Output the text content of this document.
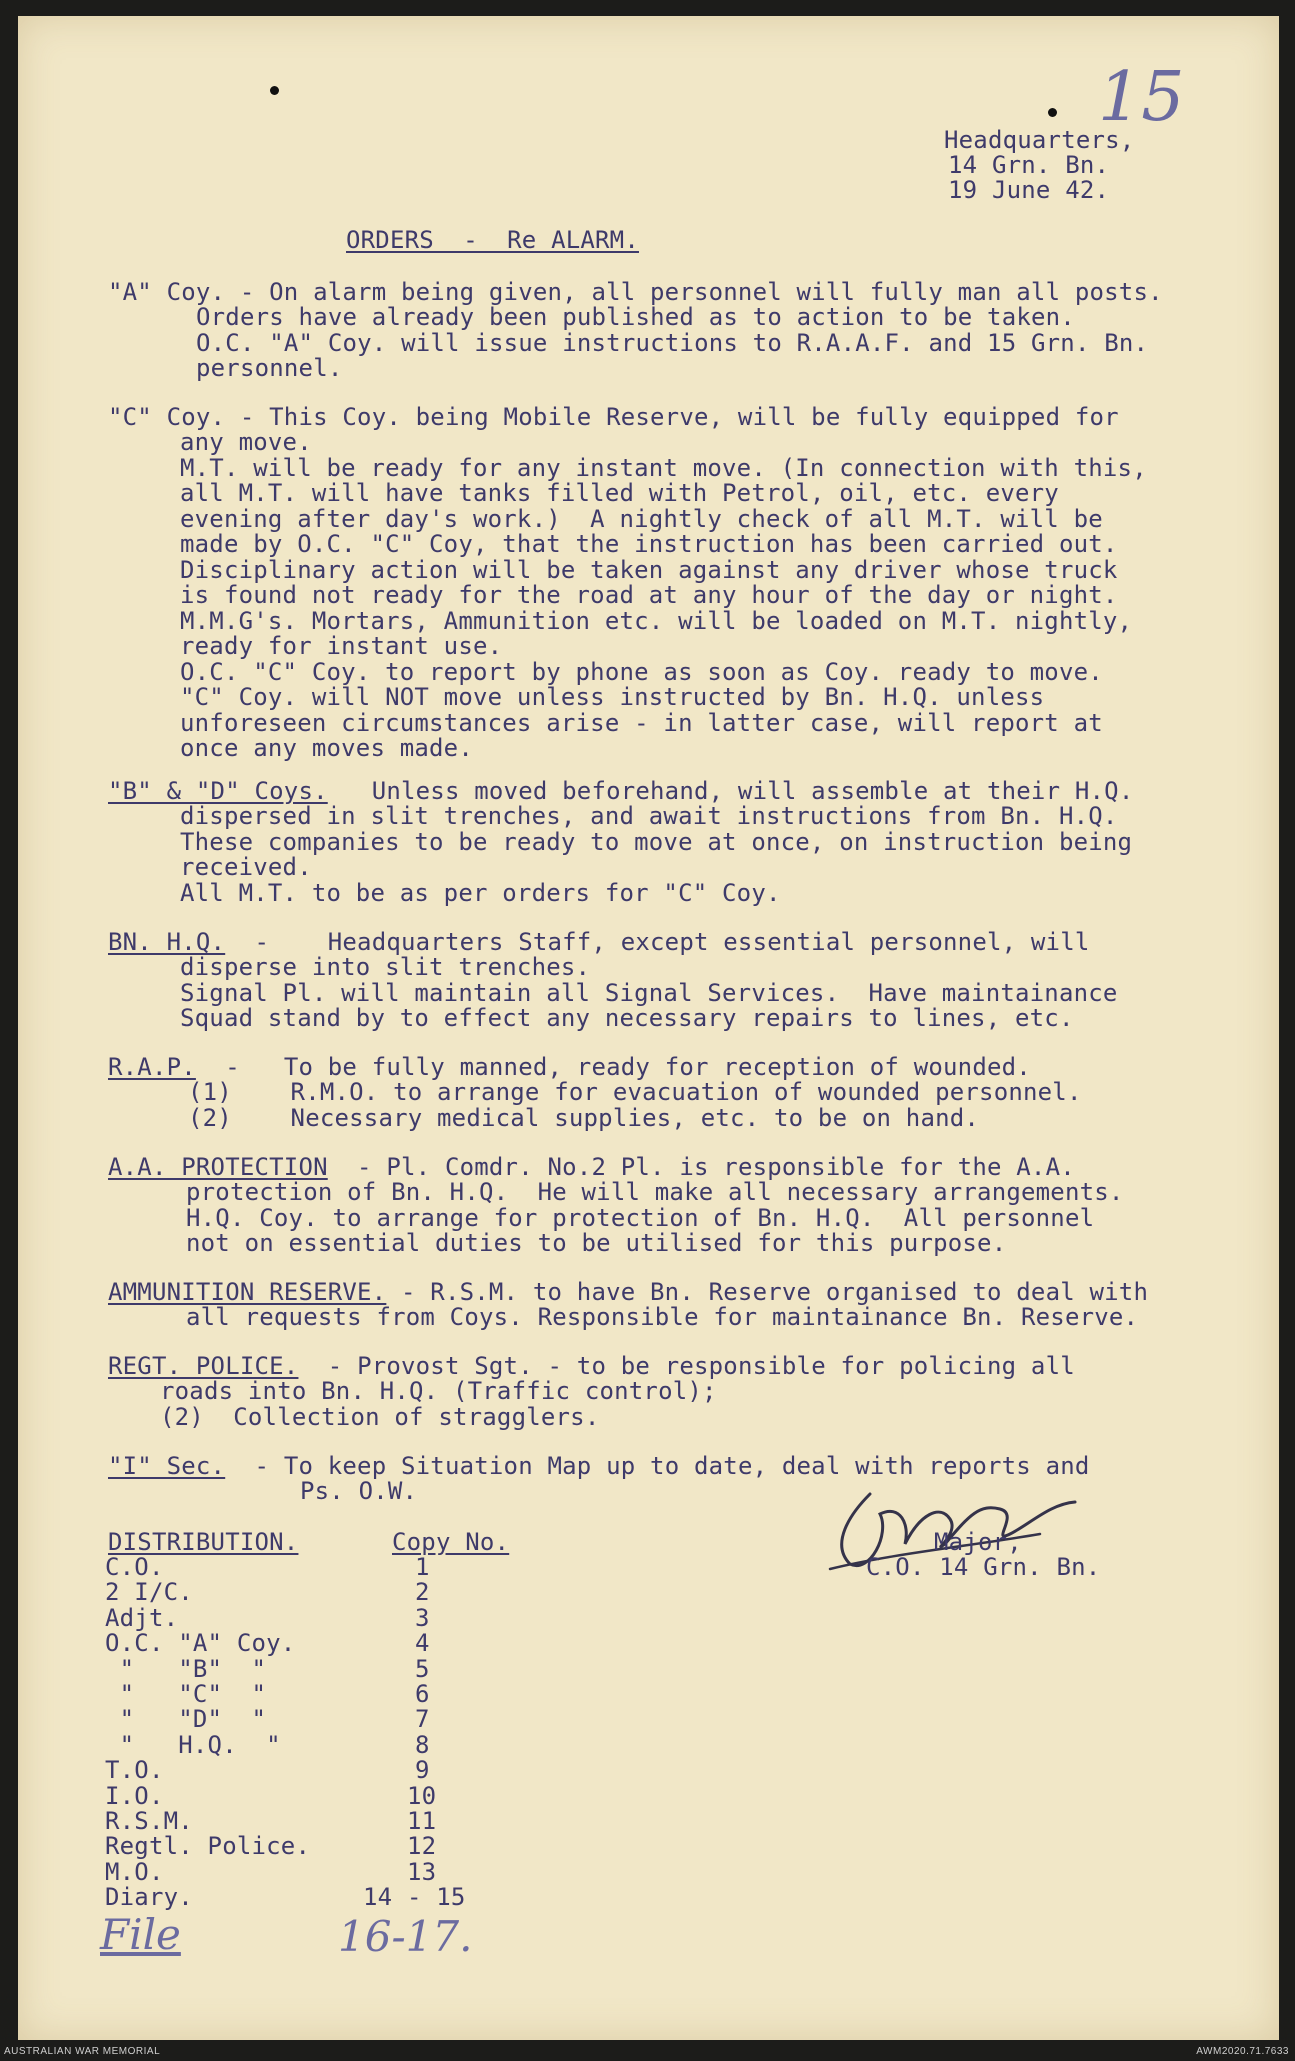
15
Headquarters,
14 Grn. Bn.
19 June 42.
ORDERS  -  Re ALARM.
"A" Coy. - On alarm being given, all personnel will fully man all posts.
Orders have already been published as to action to be taken.
O.C. "A" Coy. will issue instructions to R.A.A.F. and 15 Grn. Bn.
personnel.
"C" Coy. - This Coy. being Mobile Reserve, will be fully equipped for
any move.
M.T. will be ready for any instant move. (In connection with this,
all M.T. will have tanks filled with Petrol, oil, etc. every
evening after day's work.)  A nightly check of all M.T. will be
made by O.C. "C" Coy, that the instruction has been carried out.
Disciplinary action will be taken against any driver whose truck
is found not ready for the road at any hour of the day or night.
M.M.G's. Mortars, Ammunition etc. will be loaded on M.T. nightly,
ready for instant use.
O.C. "C" Coy. to report by phone as soon as Coy. ready to move.
"C" Coy. will NOT move unless instructed by Bn. H.Q. unless
unforeseen circumstances arise - in latter case, will report at
once any moves made.
"B" & "D" Coys. Unless moved beforehand, will assemble at their H.Q.
dispersed in slit trenches, and await instructions from Bn. H.Q.
These companies to be ready to move at once, on instruction being
received.
All M.T. to be as per orders for "C" Coy.
BN. H.Q.  -    Headquarters Staff, except essential personnel, will
disperse into slit trenches.
Signal Pl. will maintain all Signal Services.  Have maintainance
Squad stand by to effect any necessary repairs to lines, etc.
R.A.P.  -   To be fully manned, ready for reception of wounded.
(1)    R.M.O. to arrange for evacuation of wounded personnel.
(2)    Necessary medical supplies, etc. to be on hand.
A.A. PROTECTION  - Pl. Comdr. No.2 Pl. is responsible for the A.A.
protection of Bn. H.Q.  He will make all necessary arrangements.
H.Q. Coy. to arrange for protection of Bn. H.Q.  All personnel
not on essential duties to be utilised for this purpose.
AMMUNITION RESERVE. - R.S.M. to have Bn. Reserve organised to deal with
all requests from Coys. Responsible for maintainance Bn. Reserve.
REGT. POLICE.  - Provost Sgt. - to be responsible for policing all
roads into Bn. H.Q. (Traffic control);
(2)  Collection of stragglers.
"I" Sec.  - To keep Situation Map up to date, deal with reports and
Ps. O.W.
Major,
C.O. 14 Grn. Bn.
DISTRIBUTION.	Copy No.
C.O.	1
2 I/C.	2
Adjt.	3
O.C. "A" Coy.	4
"   "B"  "	5
"   "C"  "	6
"   "D"  "	7
"   H.Q.  "	8
T.O.	9
I.O.	10
R.S.M.	11
Regtl. Police.	12
M.O.	13
Diary.	14 - 15
File	16-17.
AUSTRALIAN WAR MEMORIAL	AWM2020.71.7633
